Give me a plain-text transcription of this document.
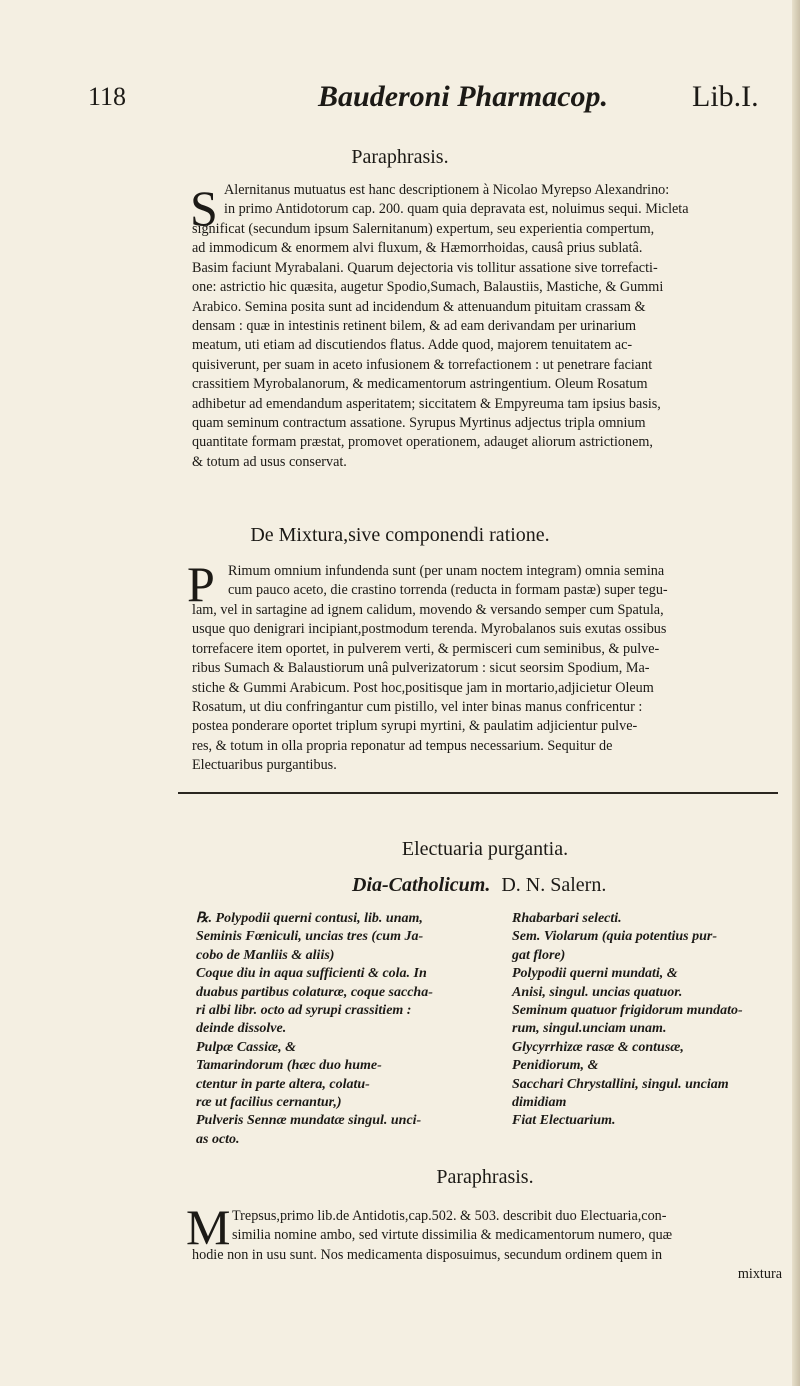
118	Bauderoni Pharmacop.	Lib.I.
Paraphrasis.
S Alernitanus mutuatus est hanc descriptionem à Nicolao Myrepso Alexandrino:
in primo Antidotorum cap. 200. quam quia depravata est, noluimus sequi. Micleta
significat (secundum ipsum Salernitanum) expertum, seu experientia compertum,
ad immodicum & enormem alvi fluxum, & Hæmorrhoidas, causâ prius sublatâ.
Basim faciunt Myrabalani. Quarum dejectoria vis tollitur assatione sive torrefacti-
one: astrictio hic quæsita, augetur Spodio,Sumach, Balaustiis, Mastiche, & Gummi
Arabico. Semina posita sunt ad incidendum & attenuandum pituitam crassam &
densam : quæ in intestinis retinent bilem, & ad eam derivandam per urinarium
meatum, uti etiam ad discutiendos flatus. Adde quod, majorem tenuitatem ac-
quisiverunt, per suam in aceto infusionem & torrefactionem : ut penetrare faciant
crassitiem Myrobalanorum, & medicamentorum astringentium. Oleum Rosatum
adhibetur ad emendandum asperitatem; siccitatem & Empyreuma tam ipsius basis,
quam seminum contractum assatione. Syrupus Myrtinus adjectus tripla omnium
quantitate formam præstat, promovet operationem, adauget aliorum astrictionem,
& totum ad usus conservat.
De Mixtura,sive componendi ratione.
P Rimum omnium infundenda sunt (per unam noctem integram) omnia semina
cum pauco aceto, die crastino torrenda (reducta in formam pastæ) super tegu-
lam, vel in sartagine ad ignem calidum, movendo & versando semper cum Spatula,
usque quo denigrari incipiant,postmodum terenda. Myrobalanos suis exutas ossibus
torrefacere item oportet, in pulverem verti, & permisceri cum seminibus, & pulve-
ribus Sumach & Balaustiorum unâ pulverizatorum : sicut seorsim Spodium, Ma-
stiche & Gummi Arabicum. Post hoc,positisque jam in mortario,adjicietur Oleum
Rosatum, ut diu confringantur cum pistillo, vel inter binas manus confricentur :
postea ponderare oportet triplum syrupi myrtini, & paulatim adjicientur pulve-
res, & totum in olla propria reponatur ad tempus necessarium. Sequitur de
Electuaribus purgantibus.
Electuaria purgantia.
Dia-Catholicum. D. N. Salern.
℞. Polypodii querni contusi, lib. unam,
Seminis Fœniculi, uncias tres (cum Ja-
cobo de Manliis & aliis)
Coque diu in aqua sufficienti & cola. In
duabus partibus colaturæ, coque saccha-
ri albi libr. octo ad syrupi crassitiem :
deinde dissolve.
Pulpæ Cassiæ, &
Tamarindorum (hæc duo hume-
ctentur in parte altera, colatu-
ræ ut facilius cernantur,)
Pulveris Sennæ mundatæ singul. unci-
as octo.
Rhabarbari selecti.
Sem. Violarum (quia potentius pur-
gat flore)
Polypodii querni mundati, &
Anisi, singul. uncias quatuor.
Seminum quatuor frigidorum mundato-
rum, singul.unciam unam.
Glycyrrhizæ rasæ & contusæ,
Penidiorum, &
Sacchari Chrystallini, singul. unciam
dimidiam
Fiat Electuarium.
Paraphrasis.
M Trepsus,primo lib.de Antidotis,cap.502. & 503. describit duo Electuaria,con-
similia nomine ambo, sed virtute dissimilia & medicamentorum numero, quæ
hodie non in usu sunt. Nos medicamenta disposuimus, secundum ordinem quem in
mixtura
